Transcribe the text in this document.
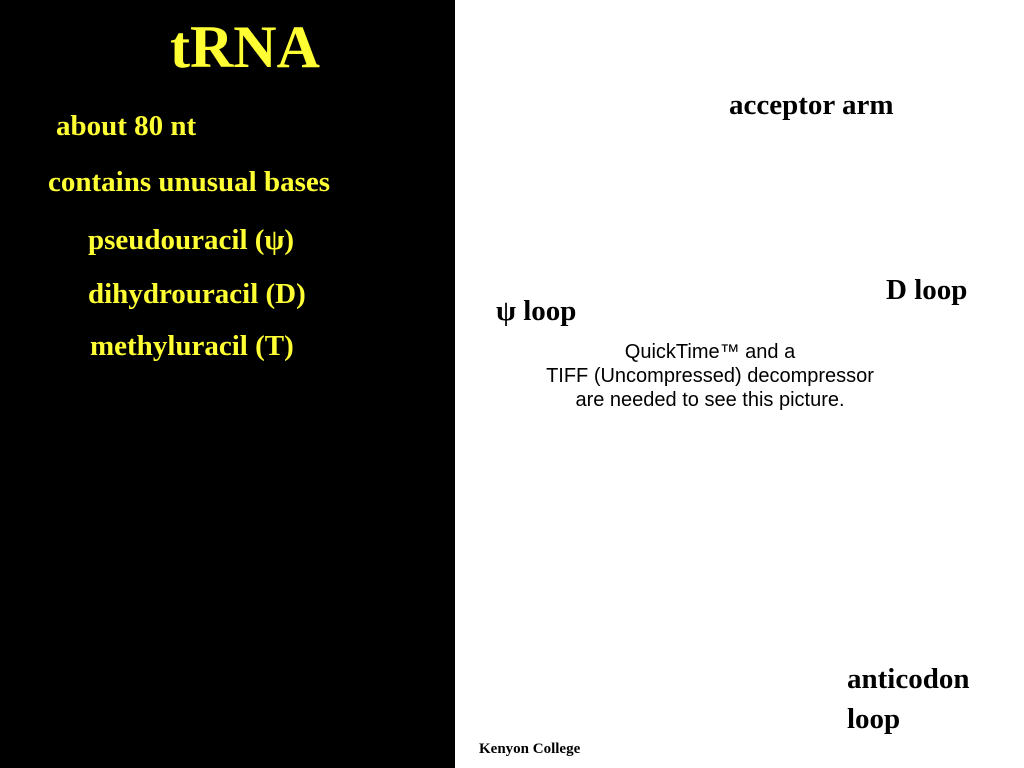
tRNA
about 80 nt
contains unusual bases
pseudouracil (ψ)
dihydrouracil (D)
methyluracil (T)
acceptor arm
D loop
ψ loop
anticodon loop
QuickTime™ and a
TIFF (Uncompressed) decompressor
are needed to see this picture.
Kenyon College
